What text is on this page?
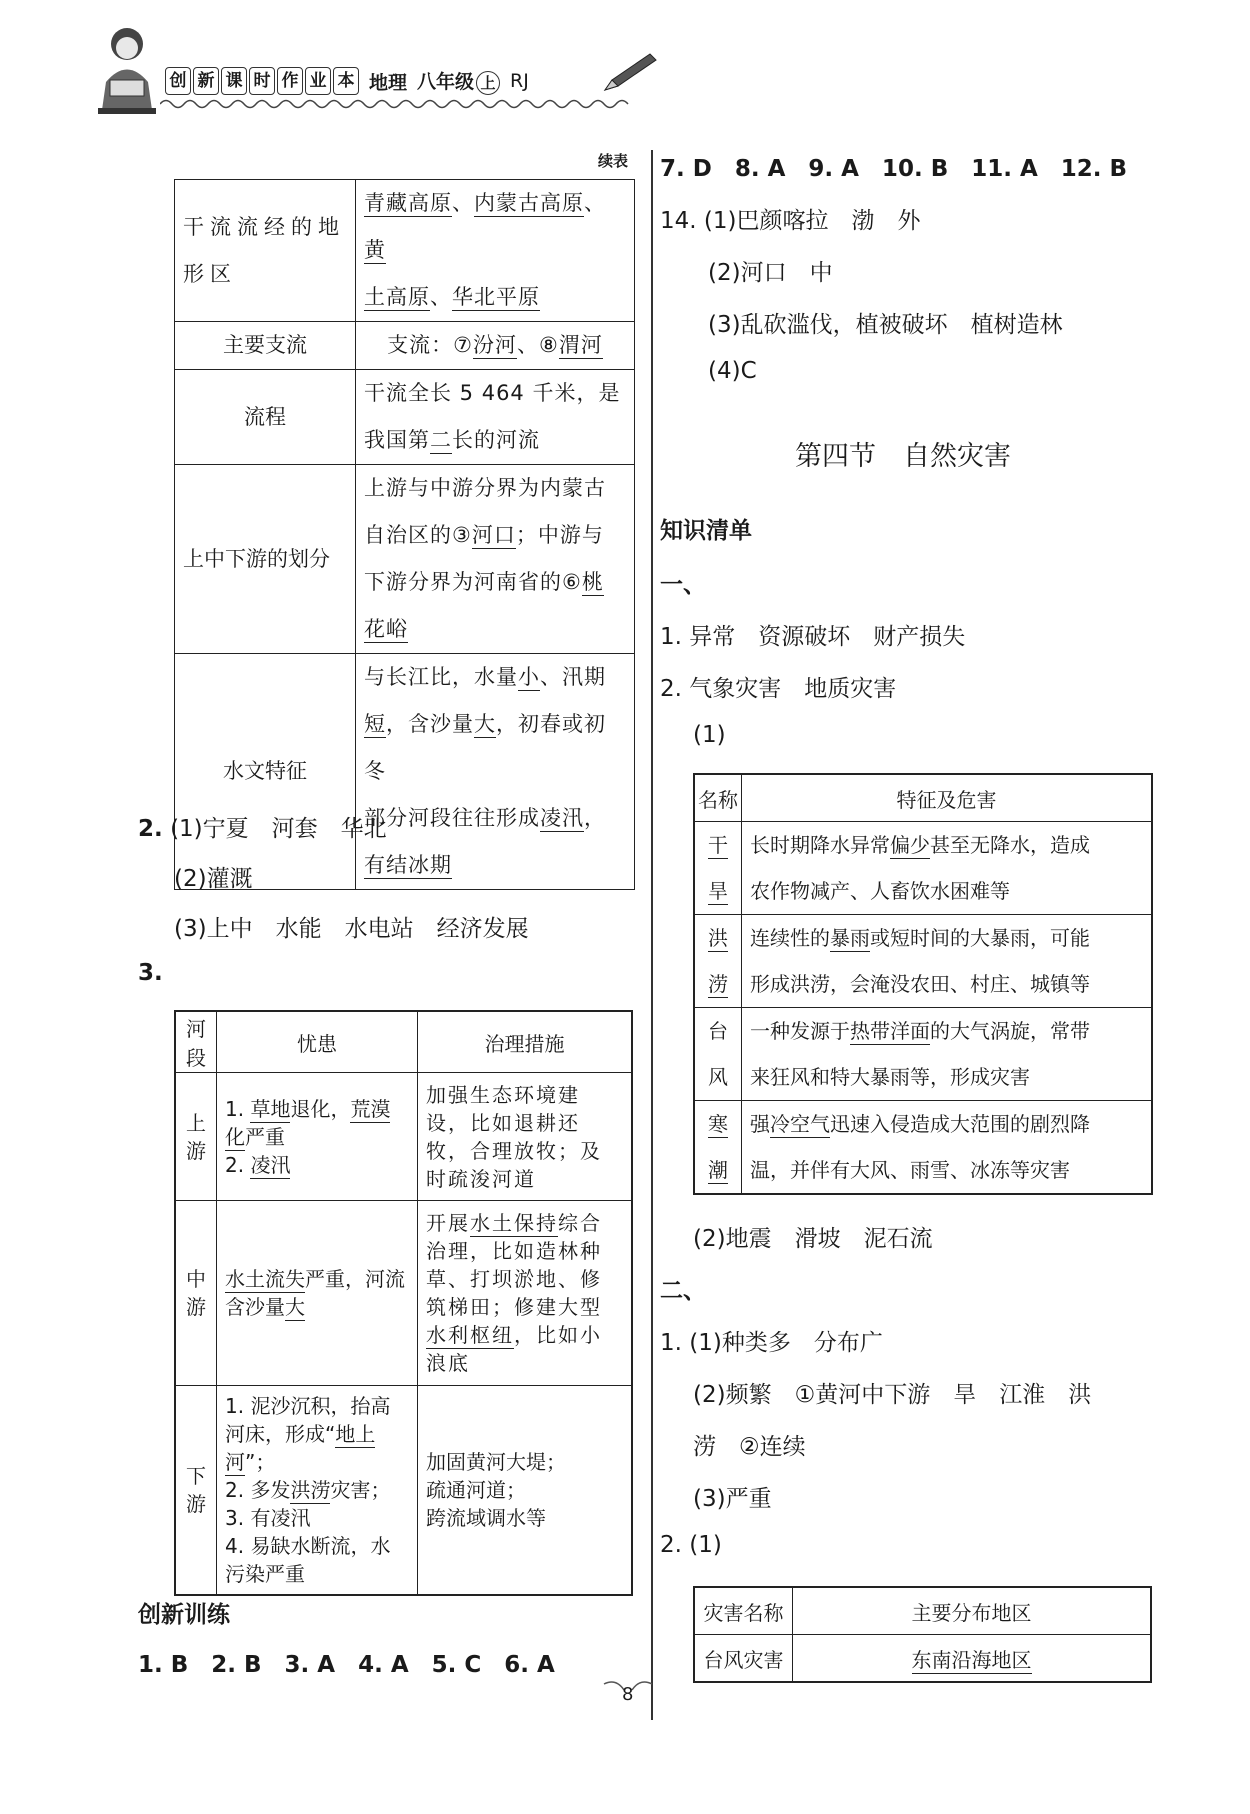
创 新 课 时 作 业 本 地理 八年级 上 RJ
续表
干流流经的地
形区	青藏高原、内蒙古高原、黄
土高原、华北平原
主要支流	支流：⑦汾河、⑧渭河
流程	干流全长 5 464 千米，是
我国第二长的河流
上中下游的划分	上游与中游分界为内蒙古
自治区的③河口；中游与
下游分界为河南省的⑥桃
花峪
水文特征	与长江比，水量小、汛期
短，含沙量大，初春或初冬
部分河段往往形成凌汛，
有结冰期
2. (1)宁夏　河套　华北
(2)灌溉
(3)上中　水能　水电站　经济发展
3.
河段	忧患	治理措施
上游	1. 草地退化，荒漠
化严重
2. 凌汛	加强生态环境建设，比如退耕还牧，合理放牧；及时疏浚河道
中游	水土流失严重，河流含沙量大	开展水土保持综合治理，比如造林种草、打坝淤地、修筑梯田；修建大型水利枢纽，比如小浪底
下游	1. 泥沙沉积，抬高河床，形成“地上河”；
2. 多发洪涝灾害；
3. 有凌汛
4. 易缺水断流，水污染严重	加固黄河大堤；
疏通河道；
跨流域调水等
创新训练
1. B　2. B　3. A　4. A　5. C　6. A
7. D　8. A　9. A　10. B　11. A　12. B
14. (1)巴颜喀拉　渤　外
(2)河口　中
(3)乱砍滥伐，植被破坏　植树造林
(4)C
第四节　自然灾害
知识清单
一、
1. 异常　资源破坏　财产损失
2. 气象灾害　地质灾害
(1)
名称	特征及危害
干旱	长时期降水异常偏少甚至无降水，造成
农作物减产、人畜饮水困难等
洪涝	连续性的暴雨或短时间的大暴雨，可能
形成洪涝，会淹没农田、村庄、城镇等
台风	一种发源于热带洋面的大气涡旋，常带
来狂风和特大暴雨等，形成灾害
寒潮	强冷空气迅速入侵造成大范围的剧烈降
温，并伴有大风、雨雪、冰冻等灾害
(2)地震　滑坡　泥石流
二、
1. (1)种类多　分布广
(2)频繁　①黄河中下游　旱　江淮　洪
涝　②连续
(3)严重
2. (1)
灾害名称	主要分布地区
台风灾害	东南沿海地区
8
